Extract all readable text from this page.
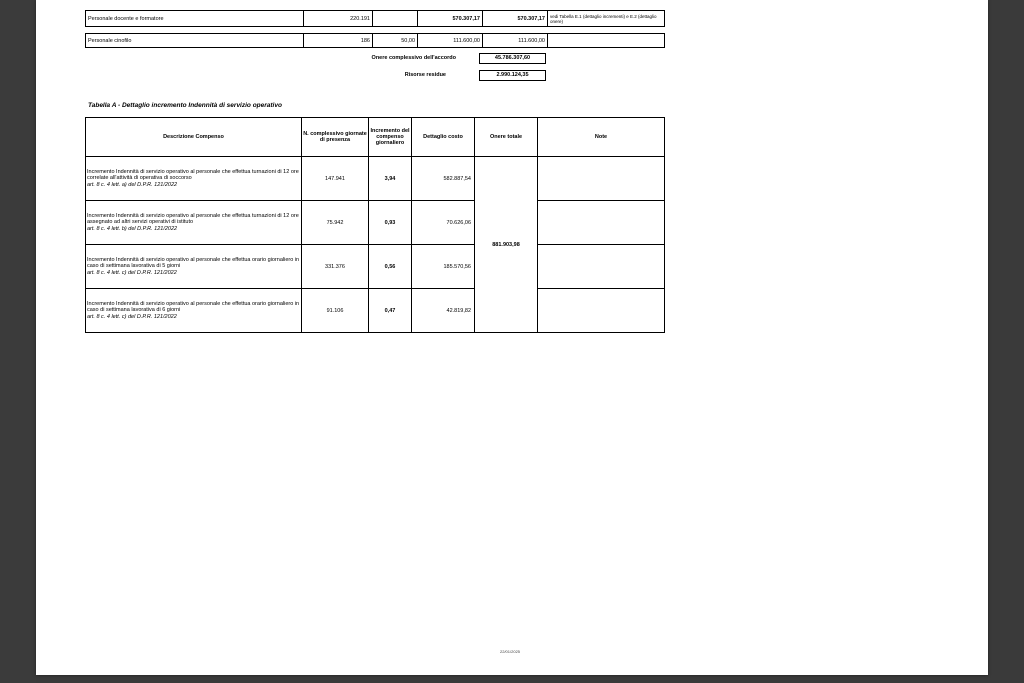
Personale docente e formatore	220.191		570.307,17	570.307,17	vedi Tabella E.1 (dettaglio incrementi) e E.2 (dettaglio onere)
Personale cinofilo	186	50,00	111.600,00	111.600,00	
Onere complessivo dell'accordo	45.786.307,60
Risorse residue	2.990.124,35
Tabella A - Dettaglio incremento Indennità di servizio operativo
Descrizione Compenso	N. complessivo giornate di presenza	Incremento del compenso giornaliero	Dettaglio costo	Onere totale	Note
Incremento Indennità di servizio operativo al personale che effettua turnazioni di 12 ore correlate all'attività di operativa di soccorso
art. 8 c. 4 lett. a) del D.P.R. 121/2022	147.941	3,94	582.887,54	881.903,98	
Incremento Indennità di servizio operativo al personale che effettua turnazioni di 12 ore assegnato ad altri servizi operativi di istituto
art. 8 c. 4 lett. b) del D.P.R. 121/2022	75.942	0,93	70.626,06		
Incremento Indennità di servizio operativo al personale che effettua orario giornaliero in caso di settimana lavorativa di 5 giorni
art. 8 c. 4 lett. c) del D.P.R. 121/2022	331.376	0,56	185.570,56		
Incremento Indennità di servizio operativo al personale che effettua orario giornaliero in caso di settimana lavorativa di 6 giorni
art. 8 c. 4 lett. c) del D.P.R. 121/2022	91.106	0,47	42.819,82		
22/01/2025
